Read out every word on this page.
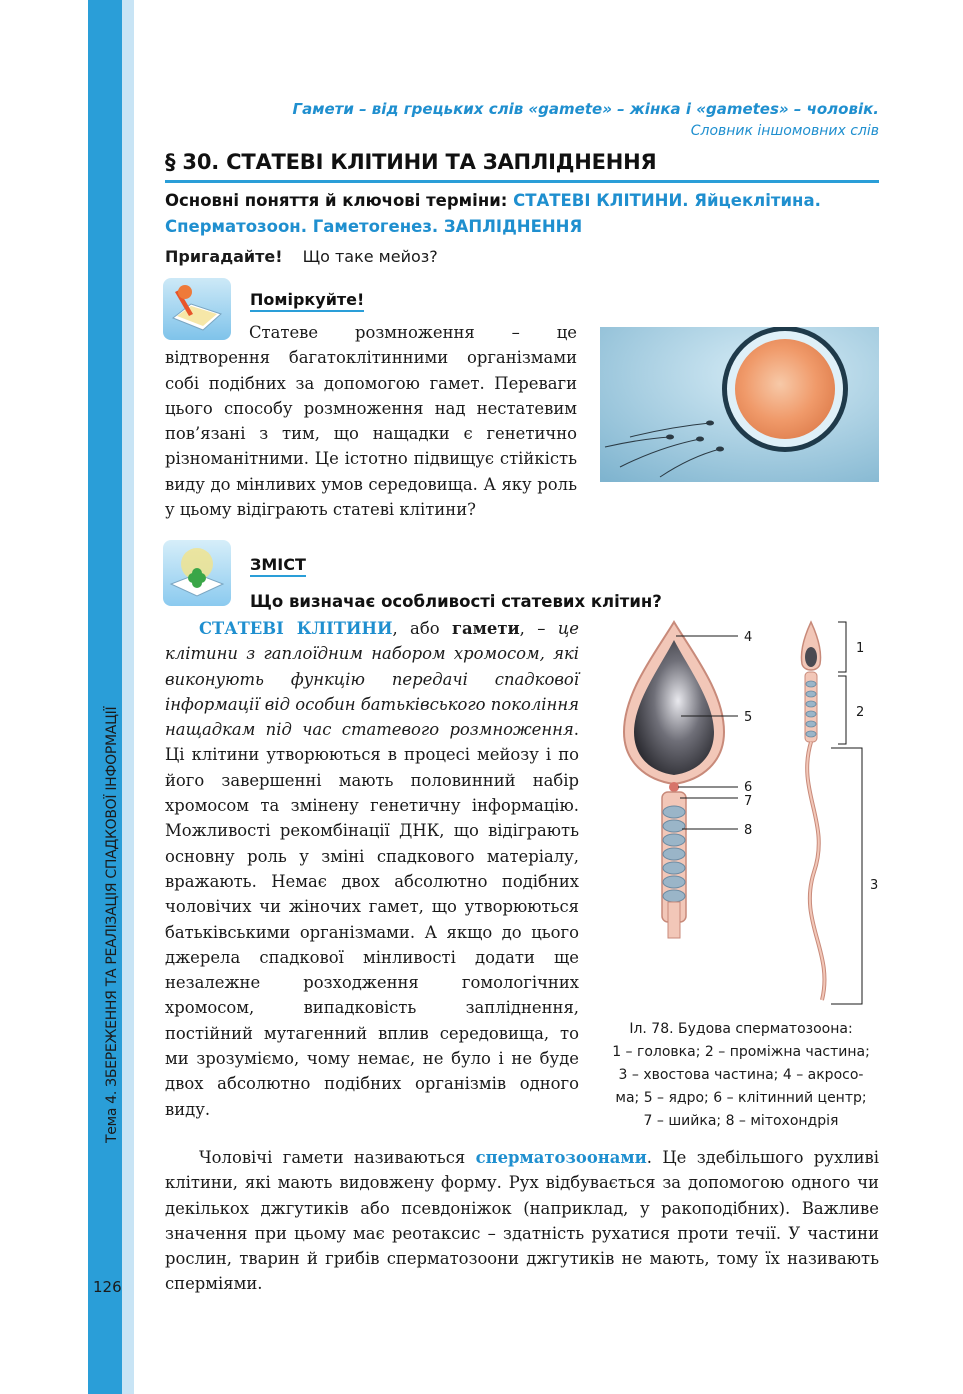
Тема 4. ЗБЕРЕЖЕННЯ ТА РЕАЛІЗАЦІЯ СПАДКОВОЇ ІНФОРМАЦІЇ
126
Гамети – від грецьких слів «gamete» – жінка і «gametes» – чоловік.
Словник іншомовних слів
§ 30. СТАТЕВІ КЛІТИНИ ТА ЗАПЛІДНЕННЯ
Основні поняття й ключові терміни: СТАТЕВІ КЛІТИНИ. Яйцеклітина.
Сперматозоон. Гаметогенез. ЗАПЛІДНЕННЯ
Пригадайте! Що таке мейоз?
Поміркуйте!
Статеве розмноження – це відтворення багатоклітинними організмами собі подібних за допомогою гамет. Переваги цього способу розмноження над нестатевим пов’язані з тим, що нащадки є генетично різноманітними. Це істотно підвищує стійкість виду до мінливих умов середовища. А яку роль у цьому відіграють статеві клітини?
ЗМІСТ
Що визначає особливості статевих клітин?
СТАТЕВІ КЛІТИНИ, або гамети, – це клітини з гаплоїдним набором хромосом, які виконують функцію передачі спадкової інформації від особин батьківського покоління нащадкам під час статевого розмноження. Ці клітини утворюються в процесі мейозу і по його завершенні мають половинний набір хромосом та змінену генетичну інформацію. Можливості рекомбінації ДНК, що відіграють основну роль у зміні спадкового матеріалу, вражають. Немає двох абсолютно подібних чоловічих чи жіночих гамет, що утворюються батьківськими організмами. А якщо до цього джерела спадкової мінливості додати ще незалежне розходження гомологічних хромосом, випадковість запліднення, постійний мутагенний вплив середовища, то ми зрозуміємо, чому немає, не було і не буде двох абсолютно подібних організмів одного виду.
Чоловічі гамети називаються сперматозоонами. Це здебільшого рухливі клітини, які мають видовжену форму. Рух відбувається за допомогою одного чи декількох джгутиків або псевдоніжок (наприклад, у ракоподібних). Важливе значення при цьому має реотаксис – здатність рухатися проти течії. У частини рослин, тварин й грибів сперматозоони джгутиків не мають, тому їх називають спермiями.
4
5
6
7
8
1
2
3
Іл. 78. Будова сперматозоона:
1 – головка; 2 – проміжна частина;
3 – хвостова частина; 4 – акросо-
ма; 5 – ядро; 6 – клітинний центр;
7 – шийка; 8 – мітохондрія
